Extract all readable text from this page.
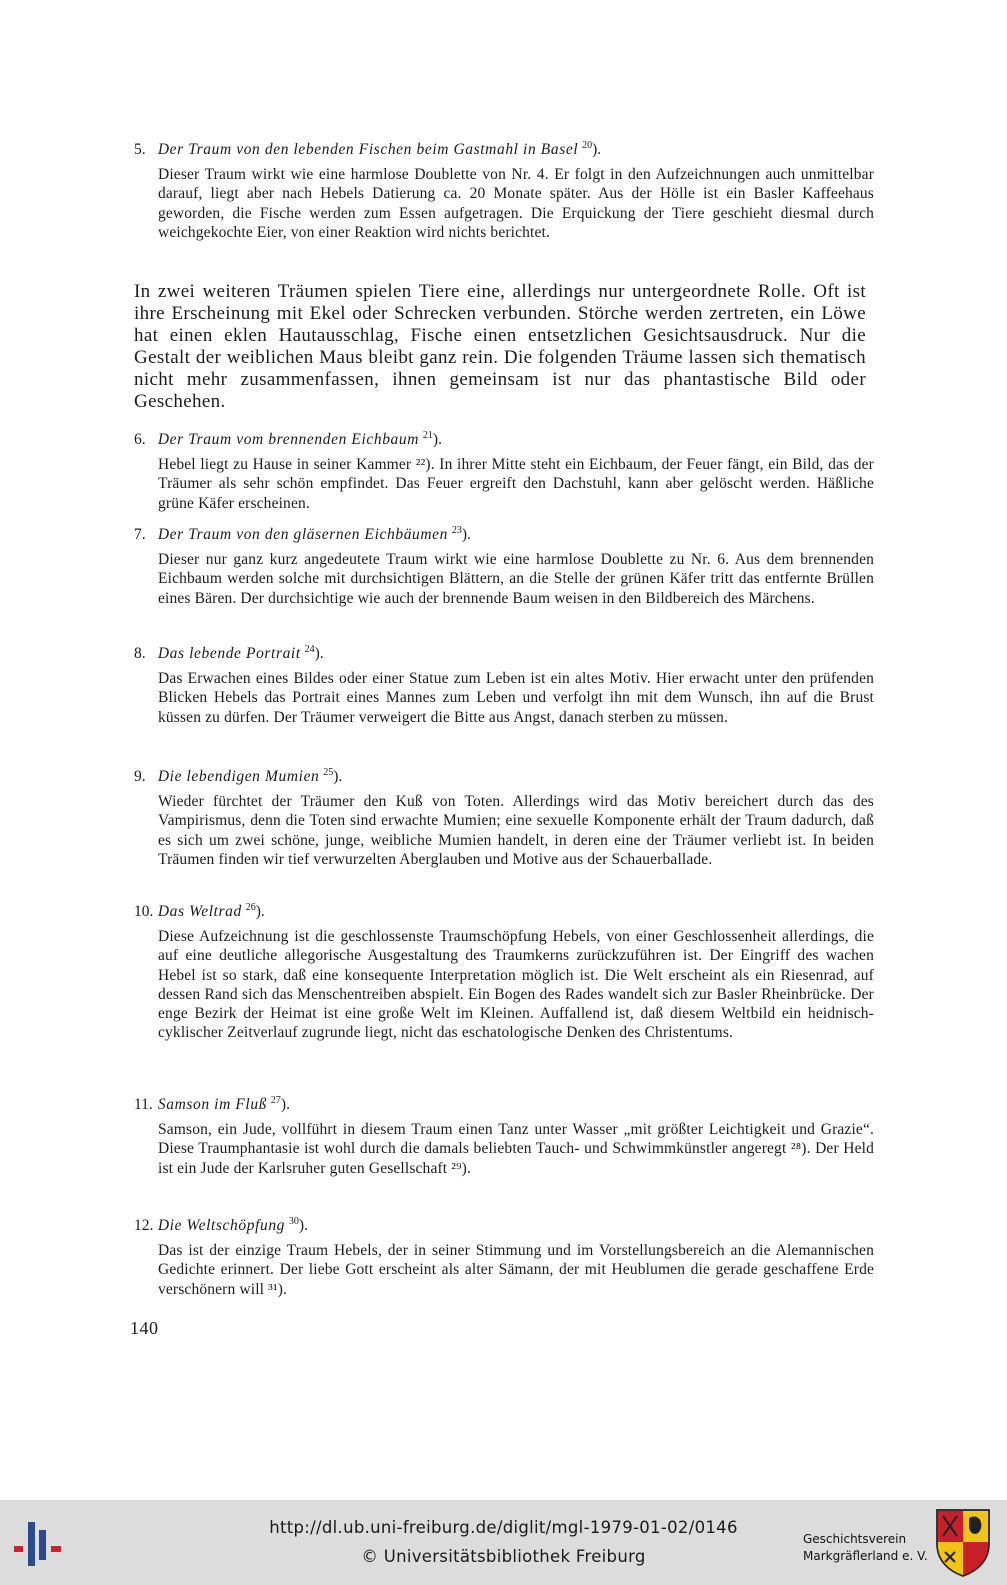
5. Der Traum von den lebenden Fischen beim Gastmahl in Basel $^{20}$).
Dieser Traum wirkt wie eine harmlose Doublette von Nr. 4. Er folgt in den Aufzeichnungen auch unmittelbar darauf, liegt aber nach Hebels Datierung ca. 20 Monate später. Aus der Hölle ist ein Basler Kaffeehaus geworden, die Fische werden zum Essen aufgetragen. Die Erquickung der Tiere geschieht diesmal durch weichgekochte Eier, von einer Reaktion wird nichts berichtet.
In zwei weiteren Träumen spielen Tiere eine, allerdings nur untergeordnete Rolle. Oft ist ihre Erscheinung mit Ekel oder Schrecken verbunden. Störche werden zertreten, ein Löwe hat einen eklen Hautausschlag, Fische einen entsetzlichen Gesichtsausdruck. Nur die Gestalt der weiblichen Maus bleibt ganz rein. Die folgenden Träume lassen sich thematisch nicht mehr zusammenfassen, ihnen gemeinsam ist nur das phantastische Bild oder Geschehen.
6. Der Traum vom brennenden Eichbaum $^{21}$).
Hebel liegt zu Hause in seiner Kammer ²²). In ihrer Mitte steht ein Eichbaum, der Feuer fängt, ein Bild, das der Träumer als sehr schön empfindet. Das Feuer ergreift den Dachstuhl, kann aber gelöscht werden. Häßliche grüne Käfer erscheinen.
7. Der Traum von den gläsernen Eichbäumen $^{23}$).
Dieser nur ganz kurz angedeutete Traum wirkt wie eine harmlose Doublette zu Nr. 6. Aus dem brennenden Eichbaum werden solche mit durchsichtigen Blättern, an die Stelle der grünen Käfer tritt das entfernte Brüllen eines Bären. Der durchsichtige wie auch der brennende Baum weisen in den Bildbereich des Märchens.
8. Das lebende Portrait $^{24}$).
Das Erwachen eines Bildes oder einer Statue zum Leben ist ein altes Motiv. Hier erwacht unter den prüfenden Blicken Hebels das Portrait eines Mannes zum Leben und verfolgt ihn mit dem Wunsch, ihn auf die Brust küssen zu dürfen. Der Träumer verweigert die Bitte aus Angst, danach sterben zu müssen.
9. Die lebendigen Mumien $^{25}$).
Wieder fürchtet der Träumer den Kuß von Toten. Allerdings wird das Motiv bereichert durch das des Vampirismus, denn die Toten sind erwachte Mumien; eine sexuelle Komponente erhält der Traum dadurch, daß es sich um zwei schöne, junge, weibliche Mumien handelt, in deren eine der Träumer verliebt ist. In beiden Träumen finden wir tief verwurzelten Aberglauben und Motive aus der Schauerballade.
10. Das Weltrad $^{26}$).
Diese Aufzeichnung ist die geschlossenste Traumschöpfung Hebels, von einer Geschlossenheit allerdings, die auf eine deutliche allegorische Ausgestaltung des Traumkerns zurückzuführen ist. Der Eingriff des wachen Hebel ist so stark, daß eine konsequente Interpretation möglich ist. Die Welt erscheint als ein Riesenrad, auf dessen Rand sich das Menschentreiben abspielt. Ein Bogen des Rades wandelt sich zur Basler Rheinbrücke. Der enge Bezirk der Heimat ist eine große Welt im Kleinen. Auffallend ist, daß diesem Weltbild ein heidnisch-cyklischer Zeitverlauf zugrunde liegt, nicht das eschatologische Denken des Christentums.
11. Samson im Fluß $^{27}$).
Samson, ein Jude, vollführt in diesem Traum einen Tanz unter Wasser „mit größter Leichtigkeit und Grazie“. Diese Traumphantasie ist wohl durch die damals beliebten Tauch- und Schwimmkünstler angeregt ²⁸). Der Held ist ein Jude der Karlsruher guten Gesellschaft ²⁹).
12. Die Weltschöpfung $^{30}$).
Das ist der einzige Traum Hebels, der in seiner Stimmung und im Vorstellungsbereich an die Alemannischen Gedichte erinnert. Der liebe Gott erscheint als alter Sämann, der mit Heublumen die gerade geschaffene Erde verschönern will ³¹).
140
http://dl.ub.uni-freiburg.de/diglit/mgl-1979-01-02/0146
© Universitätsbibliothek Freiburg
Geschichtsverein
Markgräflerland e. V.
